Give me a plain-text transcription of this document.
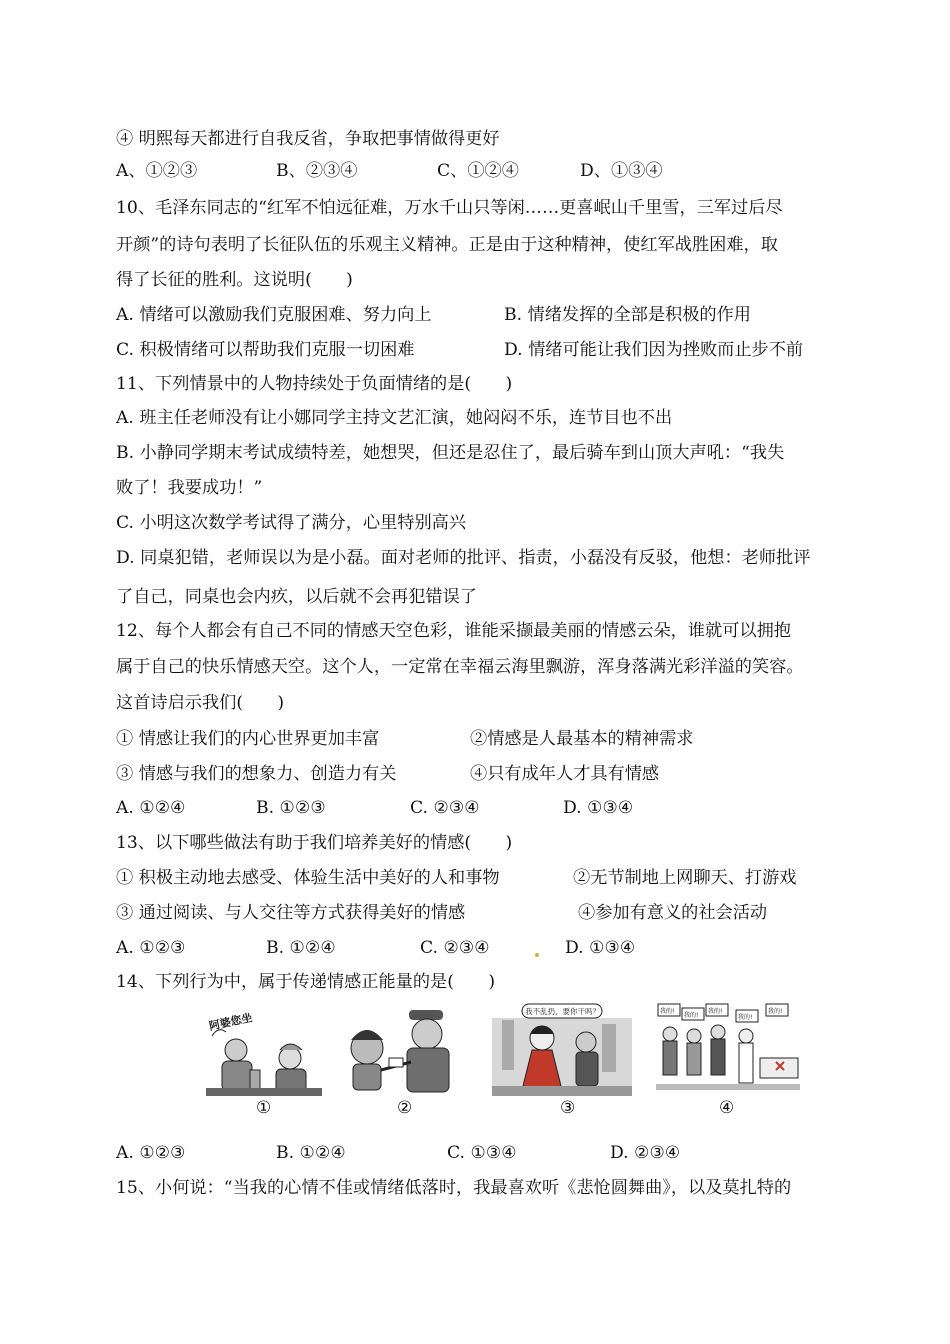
④ 明熙每天都进行自我反省，争取把事情做得更好
A、①②③	B、②③④	C、①②④	D、①③④
10、毛泽东同志的“红军不怕远征难，万水千山只等闲……更喜岷山千里雪，三军过后尽
开颜”的诗句表明了长征队伍的乐观主义精神。正是由于这种精神，使红军战胜困难，取
得了长征的胜利。这说明(　　)
A. 情绪可以激励我们克服困难、努力向上	B. 情绪发挥的全部是积极的作用
C. 积极情绪可以帮助我们克服一切困难	D. 情绪可能让我们因为挫败而止步不前
11、下列情景中的人物持续处于负面情绪的是(　　)
A. 班主任老师没有让小娜同学主持文艺汇演，她闷闷不乐，连节目也不出
B. 小静同学期末考试成绩特差，她想哭，但还是忍住了，最后骑车到山顶大声吼：“我失
败了！我要成功！”
C. 小明这次数学考试得了满分，心里特别高兴
D. 同桌犯错，老师误以为是小磊。面对老师的批评、指责，小磊没有反驳，他想：老师批评
了自己，同桌也会内疚，以后就不会再犯错误了
12、每个人都会有自己不同的情感天空色彩，谁能采撷最美丽的情感云朵，谁就可以拥抱
属于自己的快乐情感天空。这个人，一定常在幸福云海里飘游，浑身落满光彩洋溢的笑容。
这首诗启示我们(　　)
① 情感让我们的内心世界更加丰富	②情感是人最基本的精神需求
③ 情感与我们的想象力、创造力有关	④只有成年人才具有情感
A. ①②④	B. ①②③	C. ②③④	D. ①③④
13、以下哪些做法有助于我们培养美好的情感(　　)
① 积极主动地去感受、体验生活中美好的人和事物	②无节制地上网聊天、打游戏
③ 通过阅读、与人交往等方式获得美好的情感	④参加有意义的社会活动
A. ①②③	B. ①②④	C. ②③④	D. ①③④
14、下列行为中，属于传递情感正能量的是(　　)
阿婆您坐	我不乱扔，要你干吗？	我的!
我的!
我的!
我的!
我的!
①	②	③	④
A. ①②③	B. ①②④	C. ①③④	D. ②③④
15、小何说：“当我的心情不佳或情绪低落时，我最喜欢听《悲怆圆舞曲》，以及莫扎特的
